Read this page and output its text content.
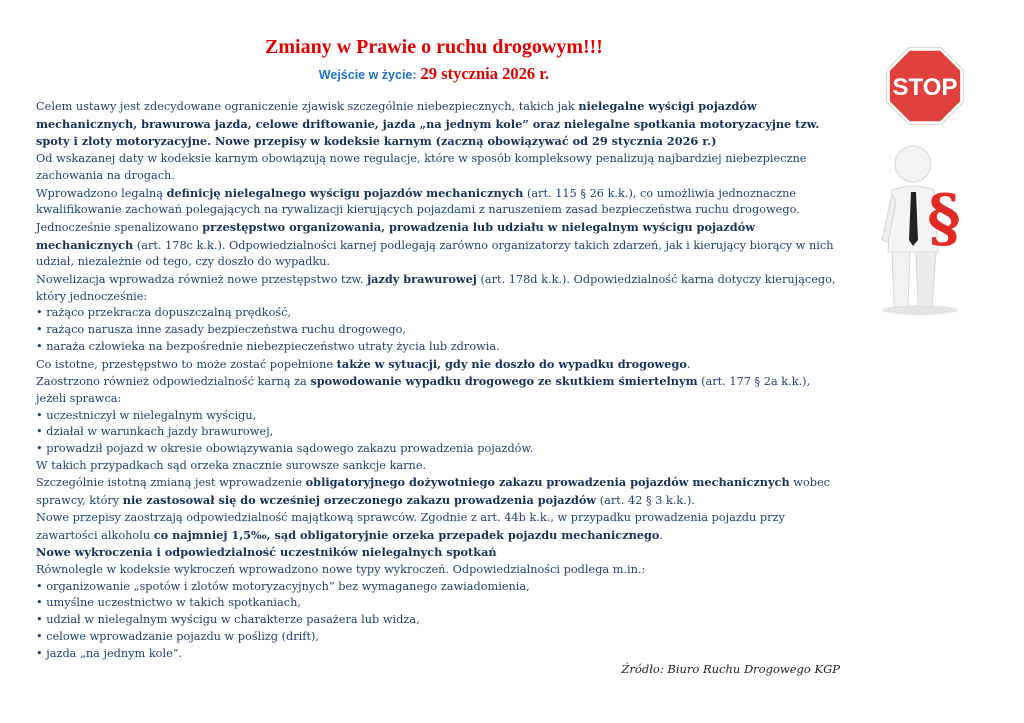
Zmiany w Prawie o ruchu drogowym!!!
Wejście w życie: 29 stycznia 2026 r.

Celem ustawy jest zdecydowane ograniczenie zjawisk szczególnie niebezpiecznych, takich jak nielegalne wyścigi pojazdów mechanicznych, brawurowa jazda, celowe driftowanie, jazda „na jednym kole” oraz nielegalne spotkania motoryzacyjne tzw. spoty i zloty motoryzacyjne. Nowe przepisy w kodeksie karnym (zaczną obowiązywać od 29 stycznia 2026 r.)

Od wskazanej daty w kodeksie karnym obowiązują nowe regulacje, które w sposób kompleksowy penalizują najbardziej niebezpieczne zachowania na drogach.

Wprowadzono legalną definicję nielegalnego wyścigu pojazdów mechanicznych (art. 115 § 26 k.k.), co umożliwia jednoznaczne kwalifikowanie zachowań polegających na rywalizacji kierujących pojazdami z naruszeniem zasad bezpieczeństwa ruchu drogowego.

Jednocześnie spenalizowano przestępstwo organizowania, prowadzenia lub udziału w nielegalnym wyścigu pojazdów mechanicznych (art. 178c k.k.). Odpowiedzialności karnej podlegają zarówno organizatorzy takich zdarzeń, jak i kierujący biorący w nich udział, niezależnie od tego, czy doszło do wypadku.

Nowelizacja wprowadza również nowe przestępstwo tzw. jazdy brawurowej (art. 178d k.k.). Odpowiedzialność karna dotyczy kierującego, który jednocześnie:

• rażąco przekracza dopuszczalną prędkość,
• rażąco narusza inne zasady bezpieczeństwa ruchu drogowego,
• naraża człowieka na bezpośrednie niebezpieczeństwo utraty życia lub zdrowia.

Co istotne, przestępstwo to może zostać popełnione także w sytuacji, gdy nie doszło do wypadku drogowego.

Zaostrzono również odpowiedzialność karną za spowodowanie wypadku drogowego ze skutkiem śmiertelnym (art. 177 § 2a k.k.), jeżeli sprawca:

• uczestniczył w nielegalnym wyścigu,
• działał w warunkach jazdy brawurowej,
• prowadził pojazd w okresie obowiązywania sądowego zakazu prowadzenia pojazdów.

W takich przypadkach sąd orzeka znacznie surowsze sankcje karne.

Szczególnie istotną zmianą jest wprowadzenie obligatoryjnego dożywotniego zakazu prowadzenia pojazdów mechanicznych wobec sprawcy, który nie zastosował się do wcześniej orzeczonego zakazu prowadzenia pojazdów (art. 42 § 3 k.k.).

Nowe przepisy zaostrzają odpowiedzialność majątkową sprawców. Zgodnie z art. 44b k.k., w przypadku prowadzenia pojazdu przy zawartości alkoholu co najmniej 1,5‰, sąd obligatoryjnie orzeka przepadek pojazdu mechanicznego.

Nowe wykroczenia i odpowiedzialność uczestników nielegalnych spotkań

Równolegle w kodeksie wykroczeń wprowadzono nowe typy wykroczeń. Odpowiedzialności podlega m.in.:

• organizowanie „spotów i zlotów motoryzacyjnych” bez wymaganego zawiadomienia,
• umyślne uczestnictwo w takich spotkaniach,
• udział w nielegalnym wyścigu w charakterze pasażera lub widza,
• celowe wprowadzanie pojazdu w poślizg (drift),
• jazda „na jednym kole”.
Źródło: Biuro Ruchu Drogowego KGP
STOP
§
